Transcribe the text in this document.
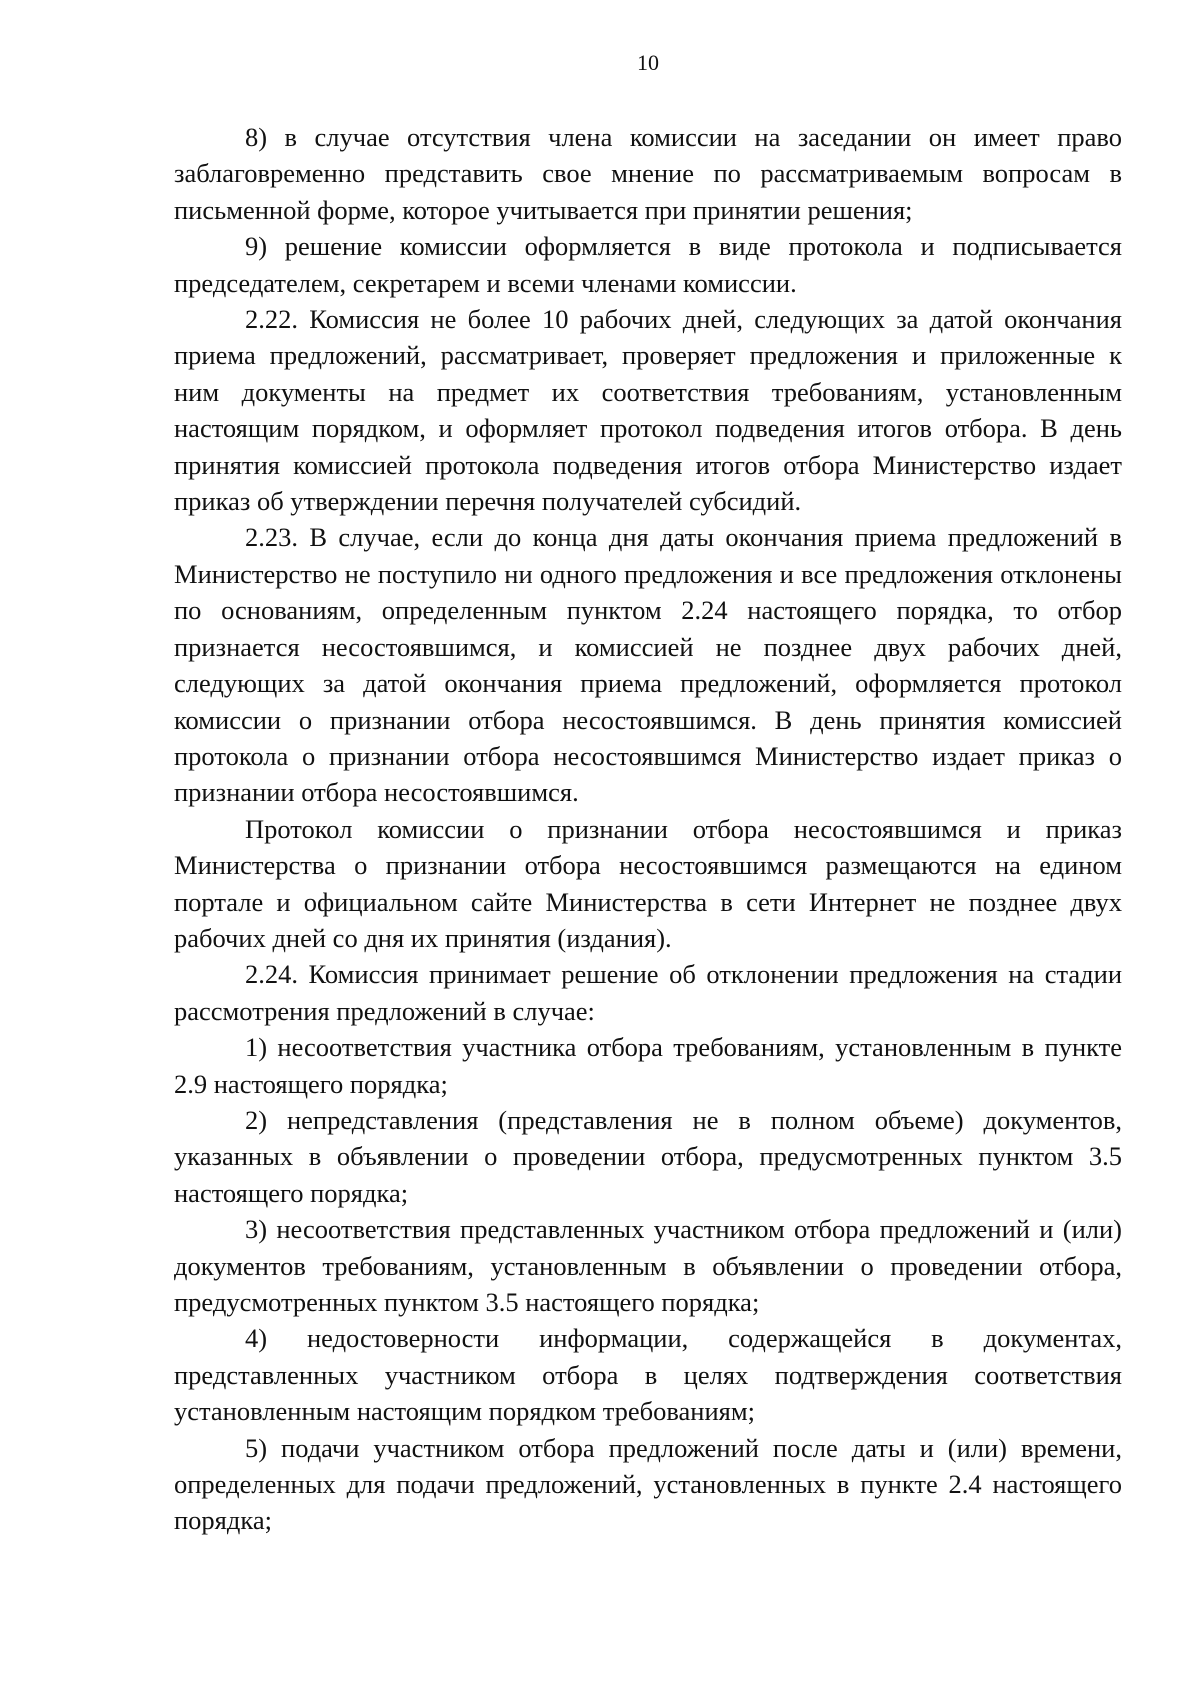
10

8) в случае отсутствия члена комиссии на заседании он имеет право заблаговременно представить свое мнение по рассматриваемым вопросам в письменной форме, которое учитывается при принятии решения;

9) решение комиссии оформляется в виде протокола и подписывается председателем, секретарем и всеми членами комиссии.

2.22. Комиссия не более 10 рабочих дней, следующих за датой окончания приема предложений, рассматривает, проверяет предложения и приложенные к ним документы на предмет их соответствия требованиям, установленным настоящим порядком, и оформляет протокол подведения итогов отбора. В день принятия комиссией протокола подведения итогов отбора Министерство издает приказ об утверждении перечня получателей субсидий.

2.23. В случае, если до конца дня даты окончания приема предложений в Министерство не поступило ни одного предложения и все предложения отклонены по основаниям, определенным пунктом 2.24 настоящего порядка, то отбор признается несостоявшимся, и комиссией не позднее двух рабочих дней, следующих за датой окончания приема предложений, оформляется протокол комиссии о признании отбора несостоявшимся. В день принятия комиссией протокола о признании отбора несостоявшимся Министерство издает приказ о признании отбора несостоявшимся.

Протокол комиссии о признании отбора несостоявшимся и приказ Министерства о признании отбора несостоявшимся размещаются на едином портале и официальном сайте Министерства в сети Интернет не позднее двух рабочих дней со дня их принятия (издания).

2.24. Комиссия принимает решение об отклонении предложения на стадии рассмотрения предложений в случае:

1) несоответствия участника отбора требованиям, установленным в пункте 2.9 настоящего порядка;

2) непредставления (представления не в полном объеме) документов, указанных в объявлении о проведении отбора, предусмотренных пунктом 3.5 настоящего порядка;

3) несоответствия представленных участником отбора предложений и (или) документов требованиям, установленным в объявлении о проведении отбора, предусмотренных пунктом 3.5 настоящего порядка;

4) недостоверности информации, содержащейся в документах, представленных участником отбора в целях подтверждения соответствия установленным настоящим порядком требованиям;

5) подачи участником отбора предложений после даты и (или) времени, определенных для подачи предложений, установленных в пункте 2.4 настоящего порядка;
